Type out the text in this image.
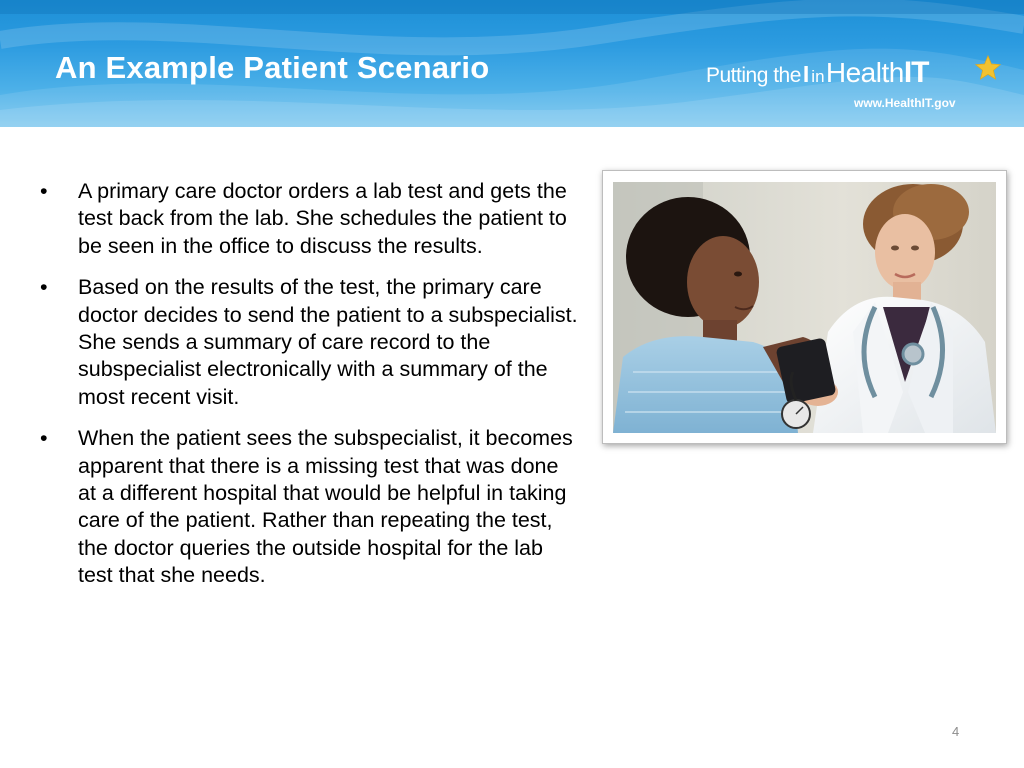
An Example Patient Scenario	Putting theI in HealthIT
www.HealthIT.gov
•	A primary care doctor orders a lab test and gets the test back from the lab. She schedules the patient to be seen in the office to discuss the results.
•	Based on the results of the test, the primary care doctor decides to send the patient to a subspecialist. She sends a summary of care record to the subspecialist electronically with a summary of the most recent visit.
•	When the patient sees the subspecialist, it becomes apparent that there is a missing test that was done at a different hospital that would be helpful in taking care of the patient. Rather than repeating the test, the doctor queries the outside hospital for the lab test that she needs.
4
